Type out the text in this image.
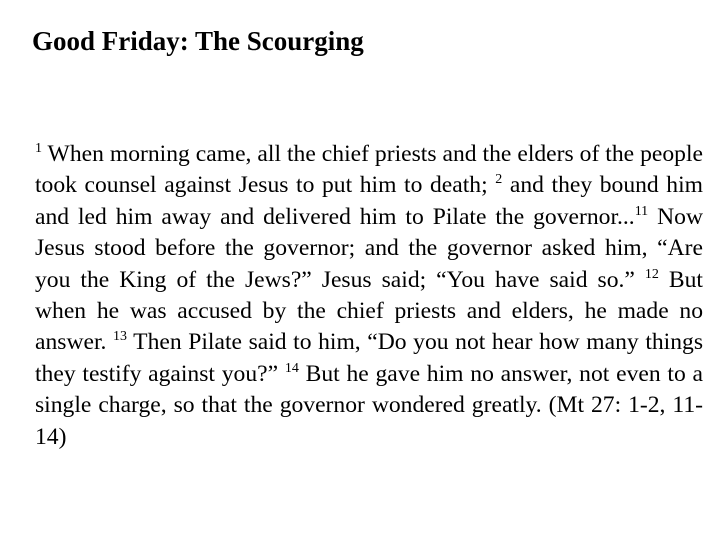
Good Friday: The Scourging
$^1$ When morning came, all the chief priests and the elders of the people took counsel against Jesus to put him to death; $^2$ and they bound him and led him away and delivered him to Pilate the governor...$^{11}$ Now Jesus stood before the governor; and the governor asked him, “Are you the King of the Jews?” Jesus said; “You have said so.” $^{12}$ But when he was accused by the chief priests and elders, he made no answer. $^{13}$ Then Pilate said to him, “Do you not hear how many things they testify against you?” $^{14}$ But he gave him no answer, not even to a single charge, so that the governor wondered greatly. (Mt 27: 1-2, 11-14)
